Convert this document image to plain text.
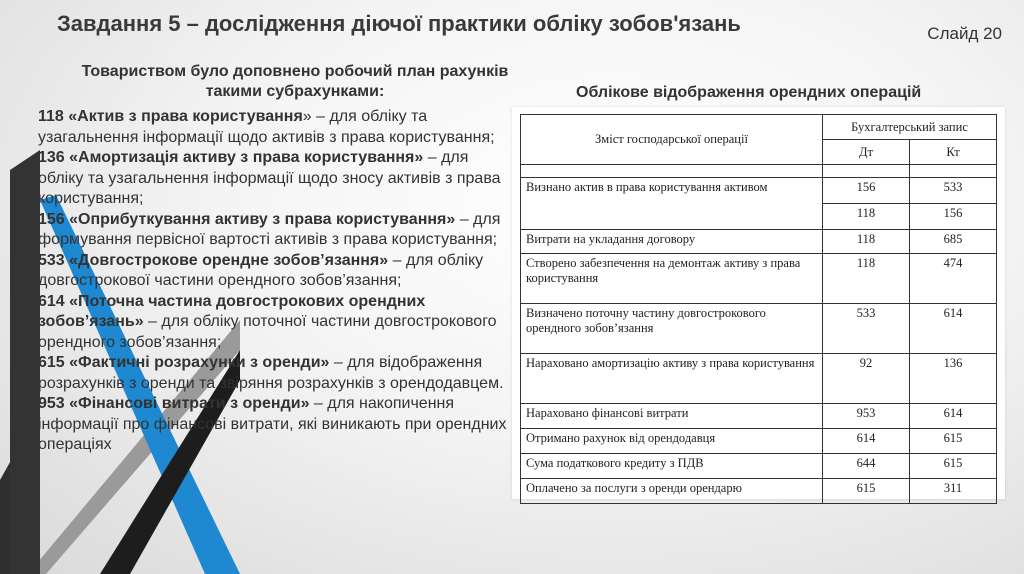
Завдання 5 – дослідження діючої практики обліку зобов'язань	Слайд 20

Товариством було доповнено робочий план рахунків такими субрахунками:

118 «Актив з права користування» – для обліку та узагальнення інформації щодо активів з права користування;
136 «Амортизація активу з права користування» – для обліку та узагальнення інформації щодо зносу активів з права користування;
156 «Оприбуткування активу з права користування» – для формування первісної вартості активів з права користування;
533 «Довгострокове орендне зобов’язання» – для обліку довгострокової частини орендного зобов’язання;
614 «Поточна частина довгострокових орендних зобов’язань» – для обліку поточної частини довгострокового орендного зобов’язання;
615 «Фактичні розрахунки з оренди» – для відображення розрахунків з оренди та звіряння розрахунків з орендодавцем.
953 «Фінансові витрати з оренди» – для накопичення інформації про фінансові витрати, які виникають при орендних операціях
Облікове відображення орендних операцій
Зміст господарської операції	Бухгалтерський запис	
	Дт	Кт

Визнано актив в права користування активом	156	533
	118	156
Витрати на укладання договору	118	685
Створено забезпечення на демонтаж активу з права користування	118	474
Визначено поточну частину довгострокового орендного зобов’язання	533	614
Нараховано амортизацію активу з права користування	92	136
Нараховано фінансові витрати	953	614
Отримано рахунок від орендодавця	614	615
Сума податкового кредиту з ПДВ	644	615
Оплачено за послуги з оренди орендарю	615	311
